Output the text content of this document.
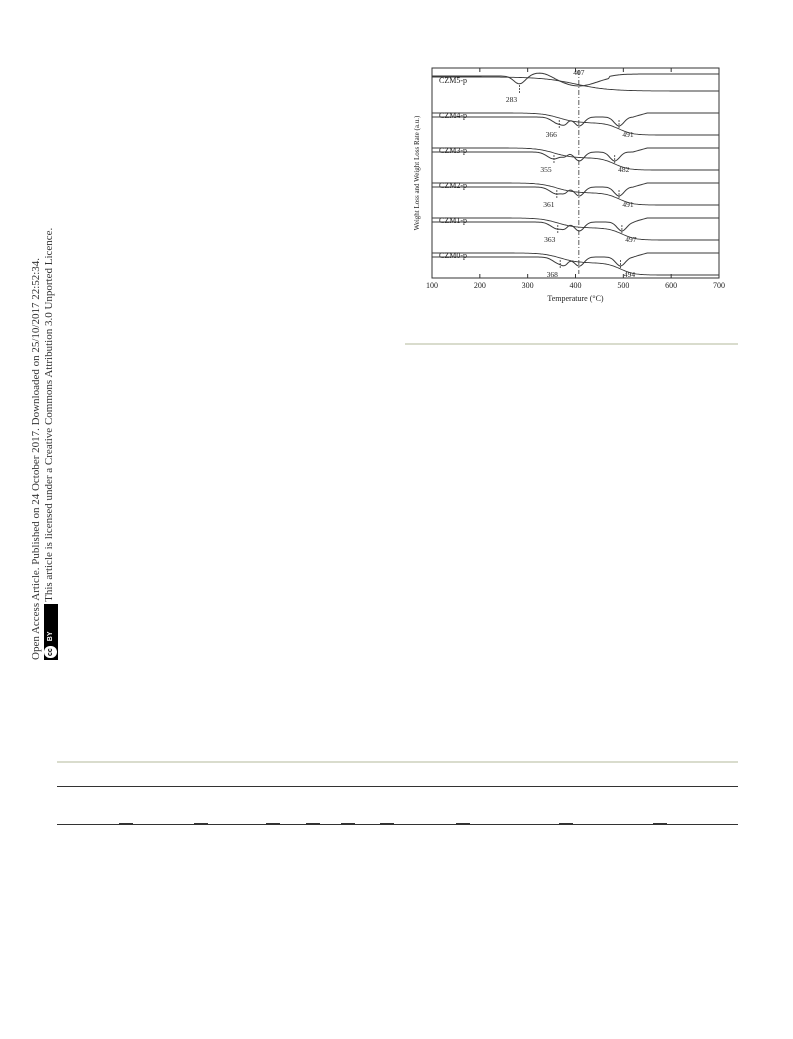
Open Access Article. Published on 24 October 2017. Downloaded on 25/10/2017 22:52:34. cc
BY
This article is licensed under a Creative Commons Attribution 3.0 Unported Licence.	100	200	300	400	500	600	700
Temperature (°C)
Weight Loss and Weight Loss Rate (a.u.)
CZM5-p
283
407
CZM4-p
366	491
CZM3-p
355	482
CZM2-p
361	491
CZM1-p
363	497
CZM0-p
368	494
